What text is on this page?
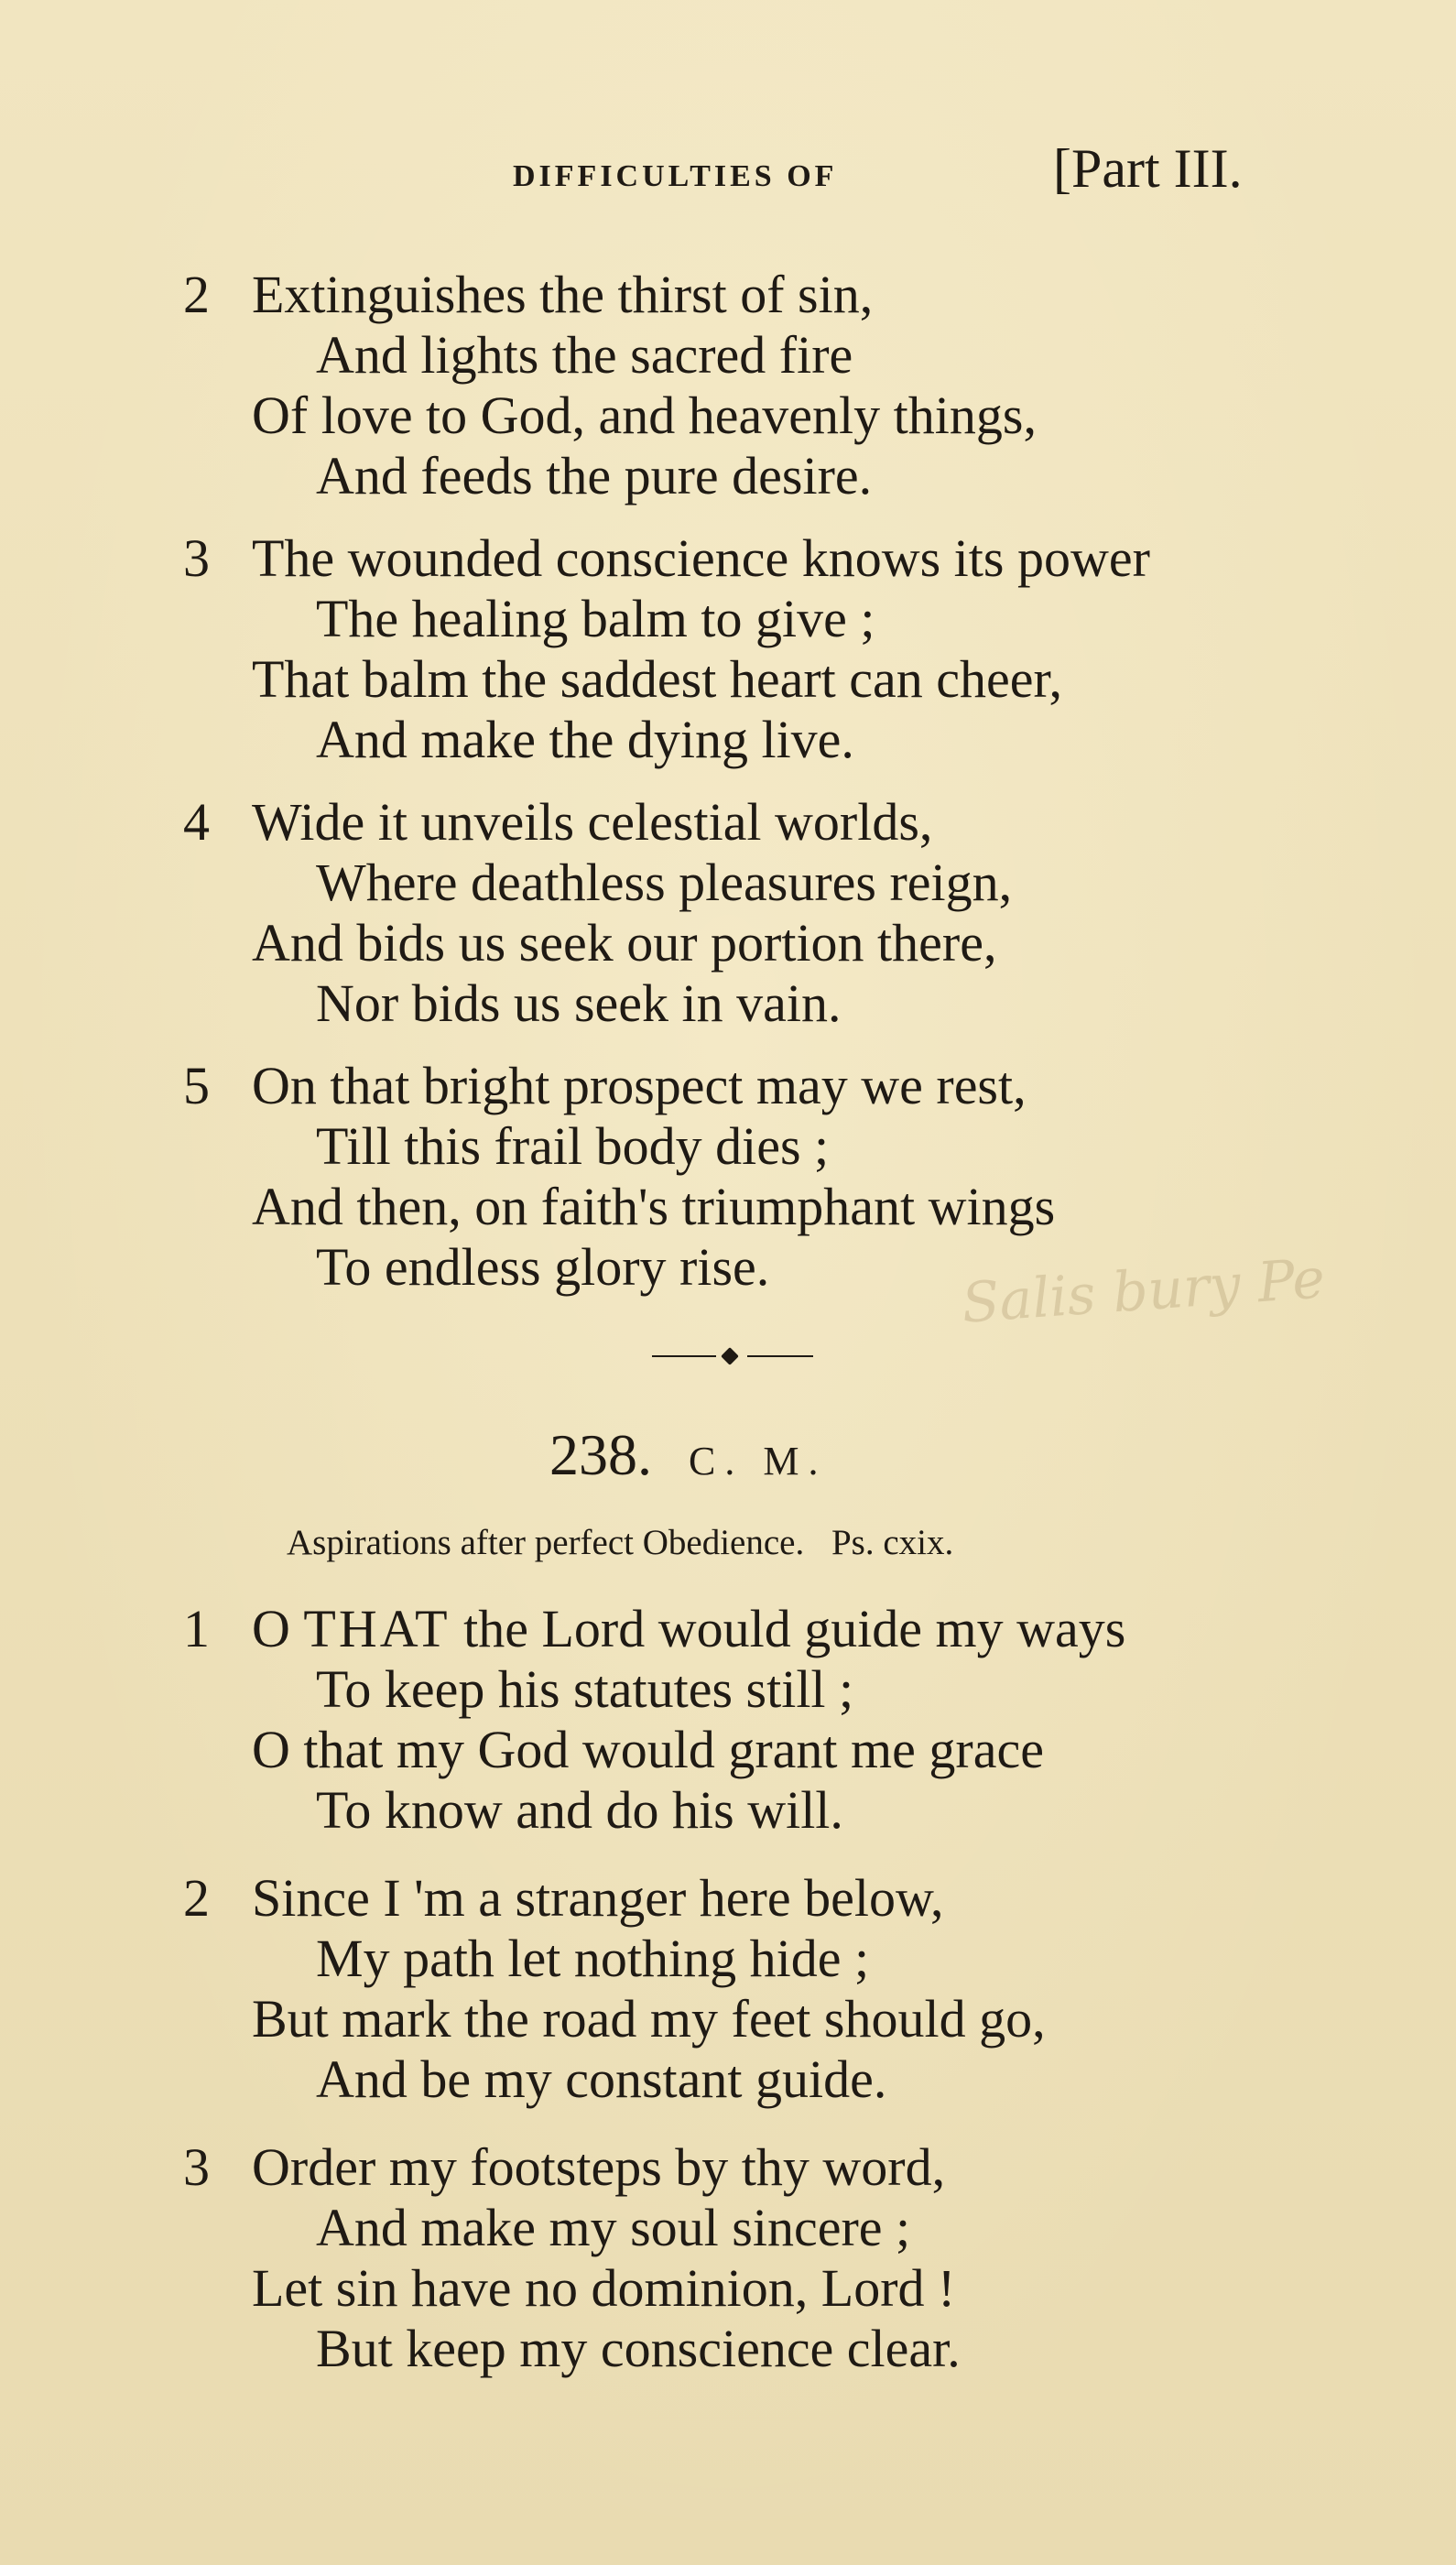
DIFFICULTIES OF	[Part III.
2 Extinguishes the thirst of sin,
And lights the sacred fire
Of love to God, and heavenly things,
And feeds the pure desire.
3 The wounded conscience knows its power
The healing balm to give ;
That balm the saddest heart can cheer,
And make the dying live.
4 Wide it unveils celestial worlds,
Where deathless pleasures reign,
And bids us seek our portion there,
Nor bids us seek in vain.
5 On that bright prospect may we rest,
Till this frail body dies ;
And then, on faith's triumphant wings
To endless glory rise.	Salis bury Pe
238. C. M.
Aspirations after perfect Obedience. Ps. cxix.
1 O THAT the Lord would guide my ways
To keep his statutes still ;
O that my God would grant me grace
To know and do his will.
2 Since I 'm a stranger here below,
My path let nothing hide ;
But mark the road my feet should go,
And be my constant guide.
3 Order my footsteps by thy word,
And make my soul sincere ;
Let sin have no dominion, Lord !
But keep my conscience clear.
